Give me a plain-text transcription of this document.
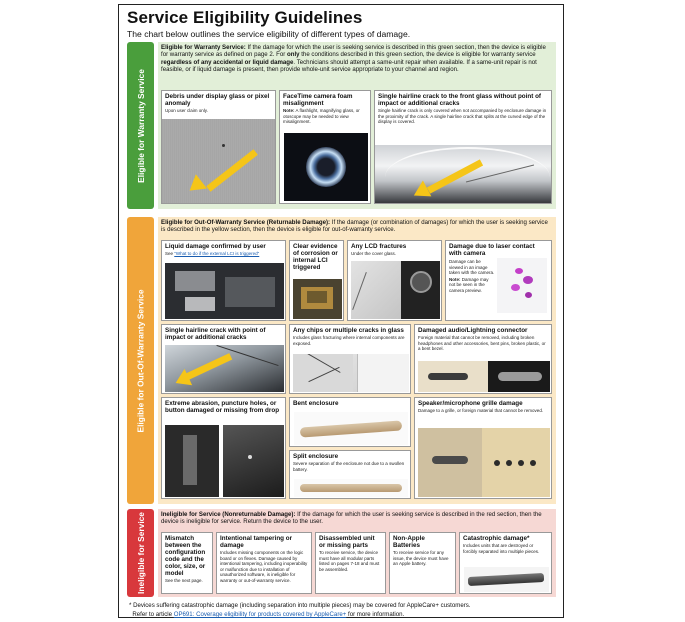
Service Eligibility Guidelines
The chart below outlines the service eligibility of different types of damage.
Eligible for Warranty Service
Eligible for Warranty Service: If the damage for which the user is seeking service is described in this green section, then the device is eligible for warranty service as defined on page 2. For only the conditions described in this green section, the device is eligible for warranty service regardless of any accidental or liquid damage. Technicians should attempt a same-unit repair when available. If a same-unit repair is not feasible, or if liquid damage is present, then provide whole-unit service appropriate to your channel and region.
Debris under display glass or pixel anomaly

Upon user claim only.

FaceTime camera foam misalignment

Note: A flashlight, magnifying glass, or otoscope may be needed to view misalignment.

Single hairline crack to the front glass without point of impact or additional cracks

Single hairline crack is only covered when not accompanied by enclosure damage in the proximity of the crack. A single hairline crack that splits at the curved edge of the display is covered.

Eligible for Out-Of-Warranty Service
Eligible for Out-Of-Warranty Service (Returnable Damage): If the damage (or combination of damages) for which the user is seeking service is described in the yellow section, then the device is eligible for out-of-warranty service.
Liquid damage confirmed by user

See "What to do if the external LCI is triggered"

Clear evidence of corrosion or internal LCI triggered
Any LCD fractures

Under the cover glass.

Damage due to laser contact with camera

Damage can be viewed in an image taken with the camera.

Note: Damage may not be seen in the camera preview.

Single hairline crack with point of impact or additional cracks
Any chips or multiple cracks in glass

Includes glass fracturing where internal components are exposed.

Damaged audio/Lightning connector

Foreign material that cannot be removed, including broken headphones and other accessories, bent pins, broken plastic, or a bent bezel.

Extreme abrasion, puncture holes, or button damaged or missing from drop
Bent enclosure	Speaker/microphone grille damage

Damage to a grille, or foreign material that cannot be removed.

Split enclosure

Severe separation of the enclosure not due to a swollen battery.

Ineligible for Service	Ineligible for Service (Nonreturnable Damage): If the damage for which the user is seeking service is described in the red section, then the device is ineligible for service. Return the device to the user.
Mismatch between the configuration code and the color, size, or model

See the next page.

Intentional tampering or damage

Includes missing components on the logic board or on flexes. Damage caused by intentional tampering, including inoperability or malfunction due to installation of unauthorized software, is ineligible for warranty or out-of-warranty service.

Disassembled unit or missing parts

To receive service, the device must have all modular parts listed on pages 7-18 and must be assembled.

Non-Apple Batteries

To receive service for any issue, the device must have an Apple battery.

Catastrophic damage*

Includes units that are destroyed or forcibly separated into multiple pieces.

* Devices suffering catastrophic damage (including separation into multiple pieces) may be covered for AppleCare+ customers.
Refer to article OP691: Coverage eligibility for products covered by AppleCare+ for more information.
